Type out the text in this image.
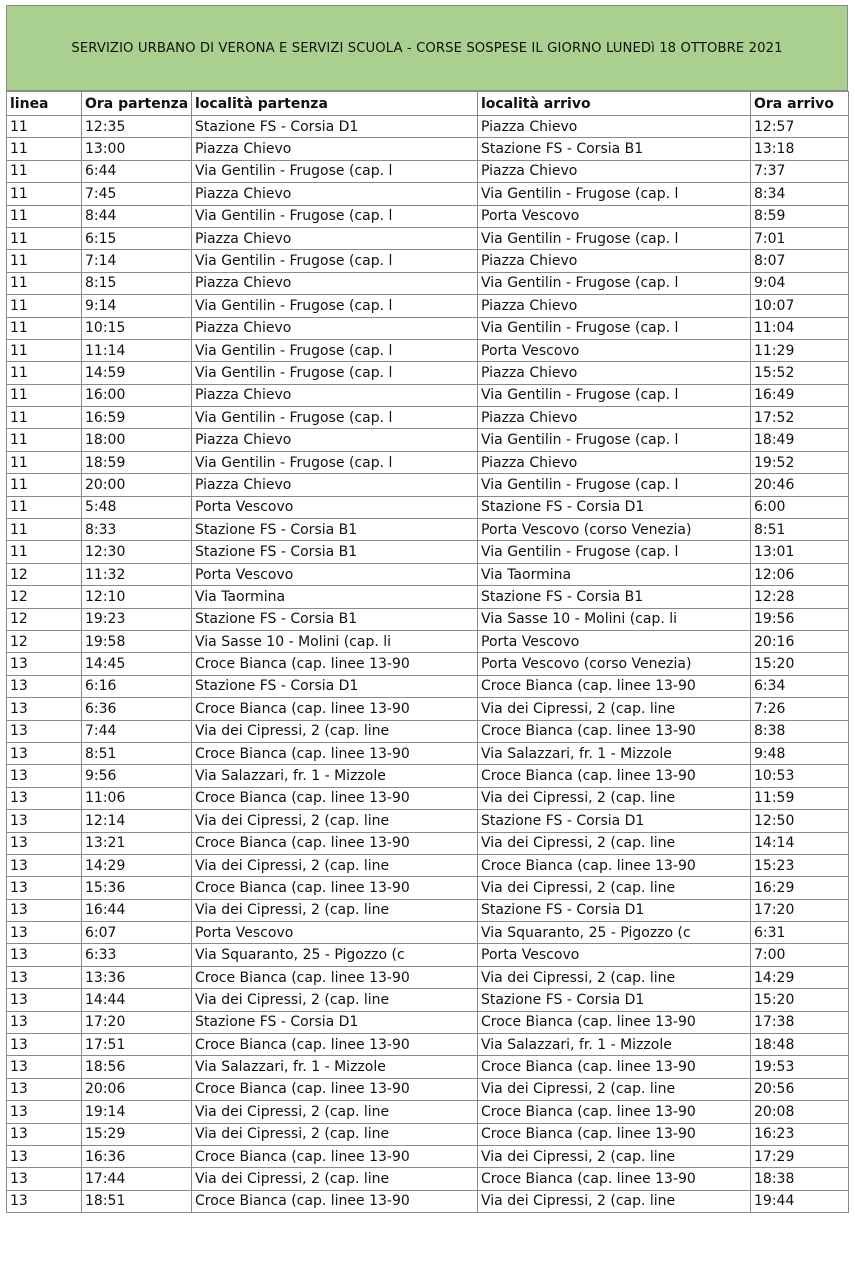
SERVIZIO URBANO DI VERONA E SERVIZI SCUOLA - CORSE SOSPESE IL GIORNO LUNEDì 18 OTTOBRE 2021
linea	Ora partenza	località partenza	località arrivo	Ora arrivo
11	12:35	Stazione FS - Corsia D1	Piazza Chievo	12:57
11	13:00	Piazza Chievo	Stazione FS - Corsia B1	13:18
11	6:44	Via Gentilin - Frugose (cap. l	Piazza Chievo	7:37
11	7:45	Piazza Chievo	Via Gentilin - Frugose (cap. l	8:34
11	8:44	Via Gentilin - Frugose (cap. l	Porta Vescovo	8:59
11	6:15	Piazza Chievo	Via Gentilin - Frugose (cap. l	7:01
11	7:14	Via Gentilin - Frugose (cap. l	Piazza Chievo	8:07
11	8:15	Piazza Chievo	Via Gentilin - Frugose (cap. l	9:04
11	9:14	Via Gentilin - Frugose (cap. l	Piazza Chievo	10:07
11	10:15	Piazza Chievo	Via Gentilin - Frugose (cap. l	11:04
11	11:14	Via Gentilin - Frugose (cap. l	Porta Vescovo	11:29
11	14:59	Via Gentilin - Frugose (cap. l	Piazza Chievo	15:52
11	16:00	Piazza Chievo	Via Gentilin - Frugose (cap. l	16:49
11	16:59	Via Gentilin - Frugose (cap. l	Piazza Chievo	17:52
11	18:00	Piazza Chievo	Via Gentilin - Frugose (cap. l	18:49
11	18:59	Via Gentilin - Frugose (cap. l	Piazza Chievo	19:52
11	20:00	Piazza Chievo	Via Gentilin - Frugose (cap. l	20:46
11	5:48	Porta Vescovo	Stazione FS - Corsia D1	6:00
11	8:33	Stazione FS - Corsia B1	Porta Vescovo (corso Venezia)	8:51
11	12:30	Stazione FS - Corsia B1	Via Gentilin - Frugose (cap. l	13:01
12	11:32	Porta Vescovo	Via Taormina	12:06
12	12:10	Via Taormina	Stazione FS - Corsia B1	12:28
12	19:23	Stazione FS - Corsia B1	Via Sasse 10 - Molini (cap. li	19:56
12	19:58	Via Sasse 10 - Molini (cap. li	Porta Vescovo	20:16
13	14:45	Croce Bianca (cap. linee 13-90	Porta Vescovo (corso Venezia)	15:20
13	6:16	Stazione FS - Corsia D1	Croce Bianca (cap. linee 13-90	6:34
13	6:36	Croce Bianca (cap. linee 13-90	Via dei Cipressi, 2 (cap. line	7:26
13	7:44	Via dei Cipressi, 2 (cap. line	Croce Bianca (cap. linee 13-90	8:38
13	8:51	Croce Bianca (cap. linee 13-90	Via Salazzari, fr. 1 - Mizzole	9:48
13	9:56	Via Salazzari, fr. 1 - Mizzole	Croce Bianca (cap. linee 13-90	10:53
13	11:06	Croce Bianca (cap. linee 13-90	Via dei Cipressi, 2 (cap. line	11:59
13	12:14	Via dei Cipressi, 2 (cap. line	Stazione FS - Corsia D1	12:50
13	13:21	Croce Bianca (cap. linee 13-90	Via dei Cipressi, 2 (cap. line	14:14
13	14:29	Via dei Cipressi, 2 (cap. line	Croce Bianca (cap. linee 13-90	15:23
13	15:36	Croce Bianca (cap. linee 13-90	Via dei Cipressi, 2 (cap. line	16:29
13	16:44	Via dei Cipressi, 2 (cap. line	Stazione FS - Corsia D1	17:20
13	6:07	Porta Vescovo	Via Squaranto, 25 - Pigozzo (c	6:31
13	6:33	Via Squaranto, 25 - Pigozzo (c	Porta Vescovo	7:00
13	13:36	Croce Bianca (cap. linee 13-90	Via dei Cipressi, 2 (cap. line	14:29
13	14:44	Via dei Cipressi, 2 (cap. line	Stazione FS - Corsia D1	15:20
13	17:20	Stazione FS - Corsia D1	Croce Bianca (cap. linee 13-90	17:38
13	17:51	Croce Bianca (cap. linee 13-90	Via Salazzari, fr. 1 - Mizzole	18:48
13	18:56	Via Salazzari, fr. 1 - Mizzole	Croce Bianca (cap. linee 13-90	19:53
13	20:06	Croce Bianca (cap. linee 13-90	Via dei Cipressi, 2 (cap. line	20:56
13	19:14	Via dei Cipressi, 2 (cap. line	Croce Bianca (cap. linee 13-90	20:08
13	15:29	Via dei Cipressi, 2 (cap. line	Croce Bianca (cap. linee 13-90	16:23
13	16:36	Croce Bianca (cap. linee 13-90	Via dei Cipressi, 2 (cap. line	17:29
13	17:44	Via dei Cipressi, 2 (cap. line	Croce Bianca (cap. linee 13-90	18:38
13	18:51	Croce Bianca (cap. linee 13-90	Via dei Cipressi, 2 (cap. line	19:44
